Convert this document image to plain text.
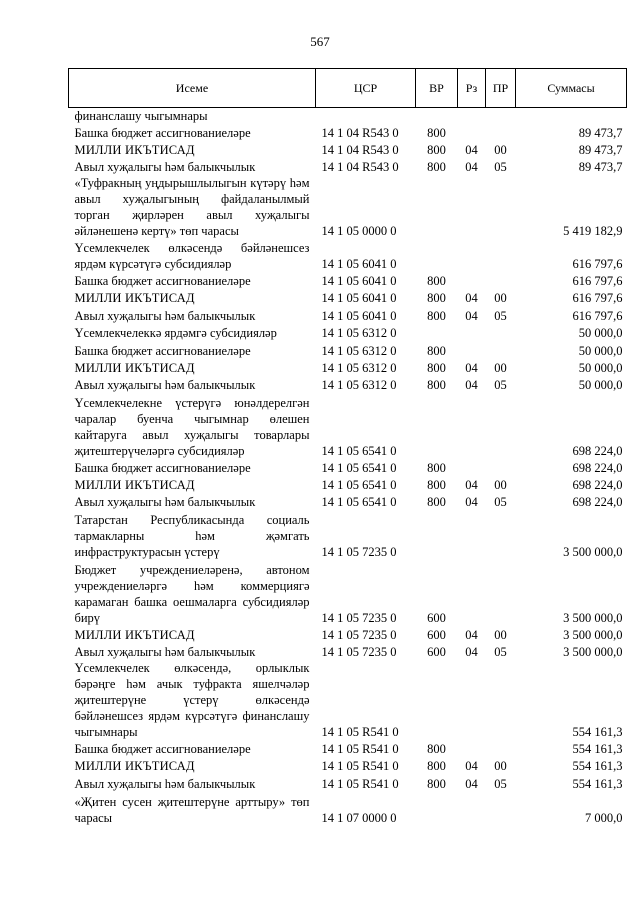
567
Исеме	ЦСР	ВР	Рз	ПР	Суммасы
финанслашу чыгымнары					
Башка бюджет ассигнованиеләре	14 1 04 R543 0	800			89 473,7
МИЛЛИ ИКЪТИСАД	14 1 04 R543 0	800	04	00	89 473,7
Авыл хуҗалыгы һәм балыкчылык	14 1 04 R543 0	800	04	05	89 473,7
«Туфракның уңдырышлылыгын күтәрү һәм авыл хуҗалыгының файдаланылмый торган җирләрен авыл хуҗалыгы әйләнешенә кертү» төп чарасы	14 1 05 0000 0				5 419 182,9
Үсемлекчелек өлкәсендә бәйләнешсез ярдәм күрсәтүгә субсидияләр	14 1 05 6041 0				616 797,6
Башка бюджет ассигнованиеләре	14 1 05 6041 0	800			616 797,6
МИЛЛИ ИКЪТИСАД	14 1 05 6041 0	800	04	00	616 797,6
Авыл хуҗалыгы һәм балыкчылык	14 1 05 6041 0	800	04	05	616 797,6
Үсемлекчелеккә ярдәмгә субсидияләр	14 1 05 6312 0				50 000,0
Башка бюджет ассигнованиеләре	14 1 05 6312 0	800			50 000,0
МИЛЛИ ИКЪТИСАД	14 1 05 6312 0	800	04	00	50 000,0
Авыл хуҗалыгы һәм балыкчылык	14 1 05 6312 0	800	04	05	50 000,0
Үсемлекчелекне үстерүгә юнәлдерелгән чаралар буенча чыгымнар өлешен кайтаруга авыл хуҗалыгы товарлары җитештерүчеләргә субсидияләр	14 1 05 6541 0				698 224,0
Башка бюджет ассигнованиеләре	14 1 05 6541 0	800			698 224,0
МИЛЛИ ИКЪТИСАД	14 1 05 6541 0	800	04	00	698 224,0
Авыл хуҗалыгы һәм балыкчылык	14 1 05 6541 0	800	04	05	698 224,0
Татарстан Республикасында социаль тармакларны һәм җәмгать инфраструктурасын үстерү	14 1 05 7235 0				3 500 000,0
Бюджет учреждениеләренә, автоном учреждениеләргә һәм коммерциягә карамаган башка оешмаларга субсидияләр бирү	14 1 05 7235 0	600			3 500 000,0
МИЛЛИ ИКЪТИСАД	14 1 05 7235 0	600	04	00	3 500 000,0
Авыл хуҗалыгы һәм балыкчылык	14 1 05 7235 0	600	04	05	3 500 000,0
Үсемлекчелек өлкәсендә, орлыклык бәрәңге һәм ачык туфракта яшелчәләр җитештерүне үстерү өлкәсендә бәйләнешсез ярдәм күрсәтүгә финанслашу чыгымнары	14 1 05 R541 0				554 161,3
Башка бюджет ассигнованиеләре	14 1 05 R541 0	800			554 161,3
МИЛЛИ ИКЪТИСАД	14 1 05 R541 0	800	04	00	554 161,3
Авыл хуҗалыгы һәм балыкчылык	14 1 05 R541 0	800	04	05	554 161,3
«Җитен сусен җитештерүне арттыру» төп чарасы	14 1 07 0000 0				7 000,0
